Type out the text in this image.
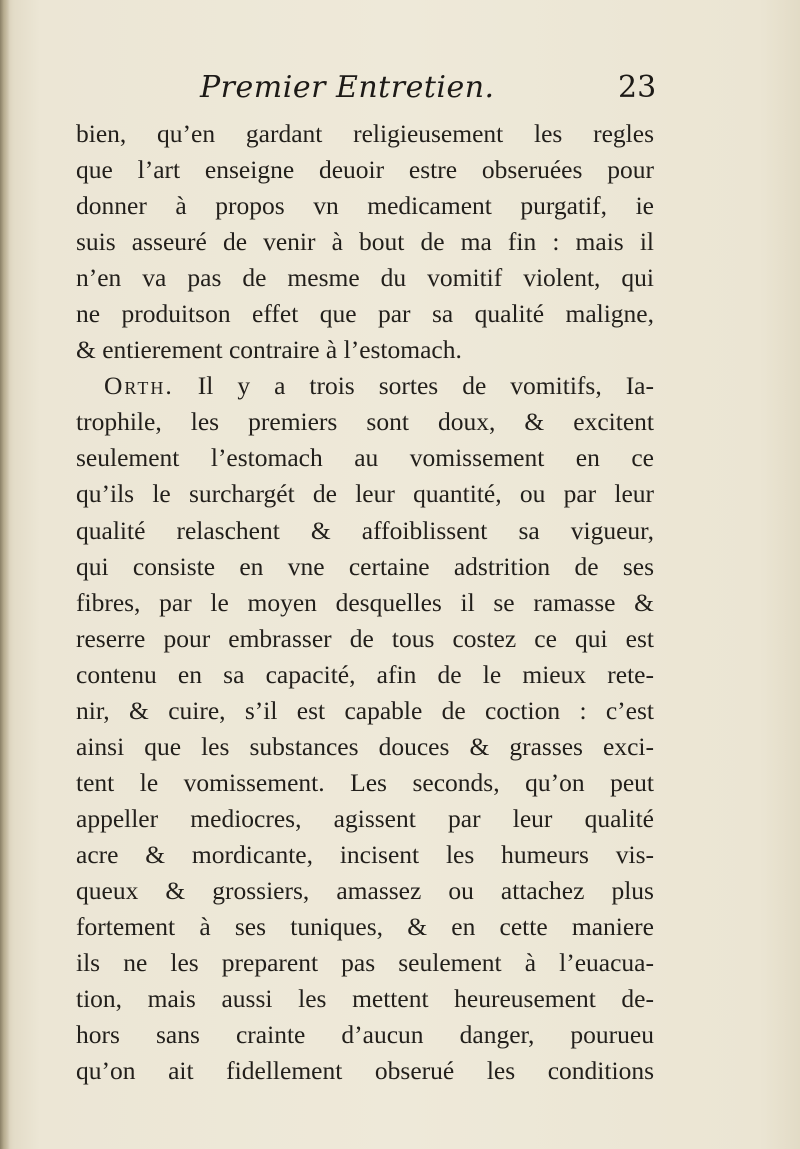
Premier Entretien.	23
bien, qu’en gardant religieusement les regles
que l’art enseigne deuoir estre obseruées pour
donner à propos vn medicament purgatif, ie
suis asseuré de venir à bout de ma fin : mais il
n’en va pas de mesme du vomitif violent, qui
ne produitson effet que par sa qualité maligne,
& entierement contraire à l’estomach.
Orth. Il y a trois sortes de vomitifs, Ia-
trophile, les premiers sont doux, & excitent
seulement l’estomach au vomissement en ce
qu’ils le surchargét de leur quantité, ou par leur
qualité relaschent & affoiblissent sa vigueur,
qui consiste en vne certaine adstrition de ses
fibres, par le moyen desquelles il se ramasse &
reserre pour embrasser de tous costez ce qui est
contenu en sa capacité, afin de le mieux rete-
nir, & cuire, s’il est capable de coction : c’est
ainsi que les substances douces & grasses exci-
tent le vomissement. Les seconds, qu’on peut
appeller mediocres, agissent par leur qualité
acre & mordicante, incisent les humeurs vis-
queux & grossiers, amassez ou attachez plus
fortement à ses tuniques, & en cette maniere
ils ne les preparent pas seulement à l’euacua-
tion, mais aussi les mettent heureusement de-
hors sans crainte d’aucun danger, pourueu
qu’on ait fidellement obserué les conditions
